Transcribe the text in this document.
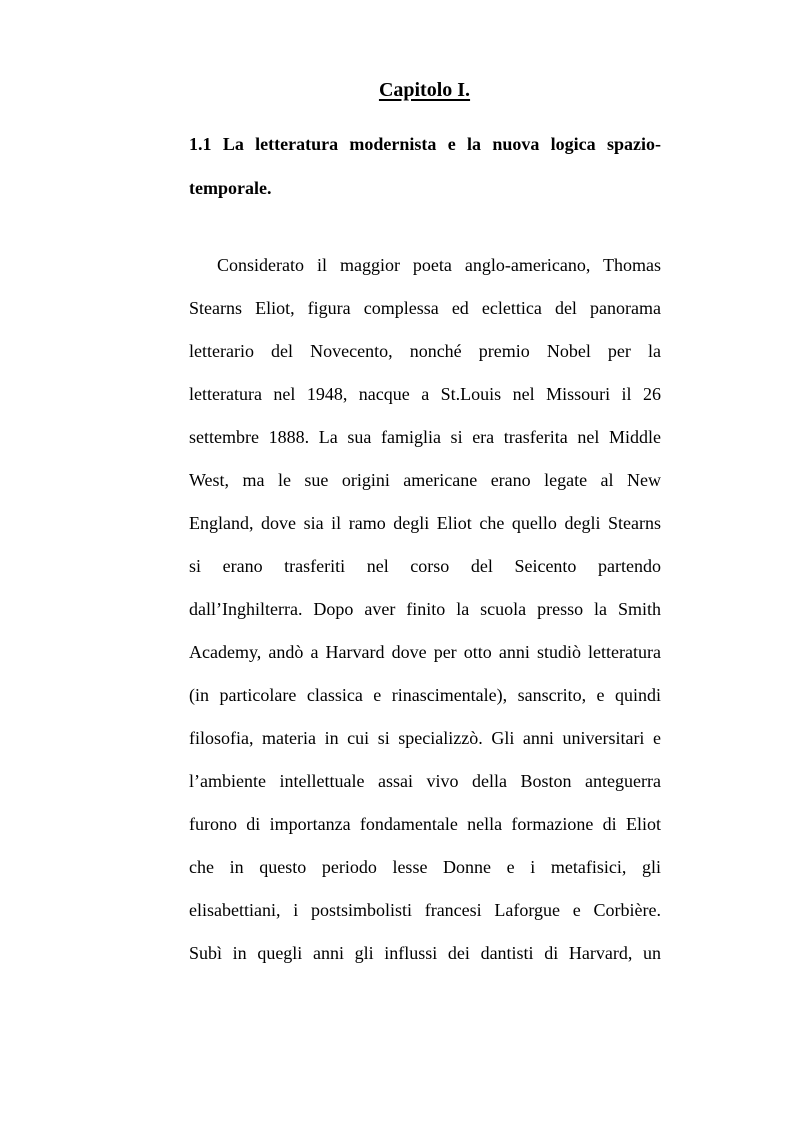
Capitolo I.
1.1 La letteratura modernista e la nuova logica spazio-
temporale.
Considerato il maggior poeta anglo-americano, Thomas
Stearns Eliot, figura complessa ed eclettica del panorama
letterario del Novecento, nonché premio Nobel per la
letteratura nel 1948, nacque a St.Louis nel Missouri il 26
settembre 1888. La sua famiglia si era trasferita nel Middle
West, ma le sue origini americane erano legate al New
England, dove sia il ramo degli Eliot che quello degli Stearns
si erano trasferiti nel corso del Seicento partendo
dall’Inghilterra. Dopo aver finito la scuola presso la Smith
Academy, andò a Harvard dove per otto anni studiò letteratura
(in particolare classica e rinascimentale), sanscrito, e quindi
filosofia, materia in cui si specializzò. Gli anni universitari e
l’ambiente intellettuale assai vivo della Boston anteguerra
furono di importanza fondamentale nella formazione di Eliot
che in questo periodo lesse Donne e i metafisici, gli
elisabettiani, i postsimbolisti francesi Laforgue e Corbière.
Subì in quegli anni gli influssi dei dantisti di Harvard, un
